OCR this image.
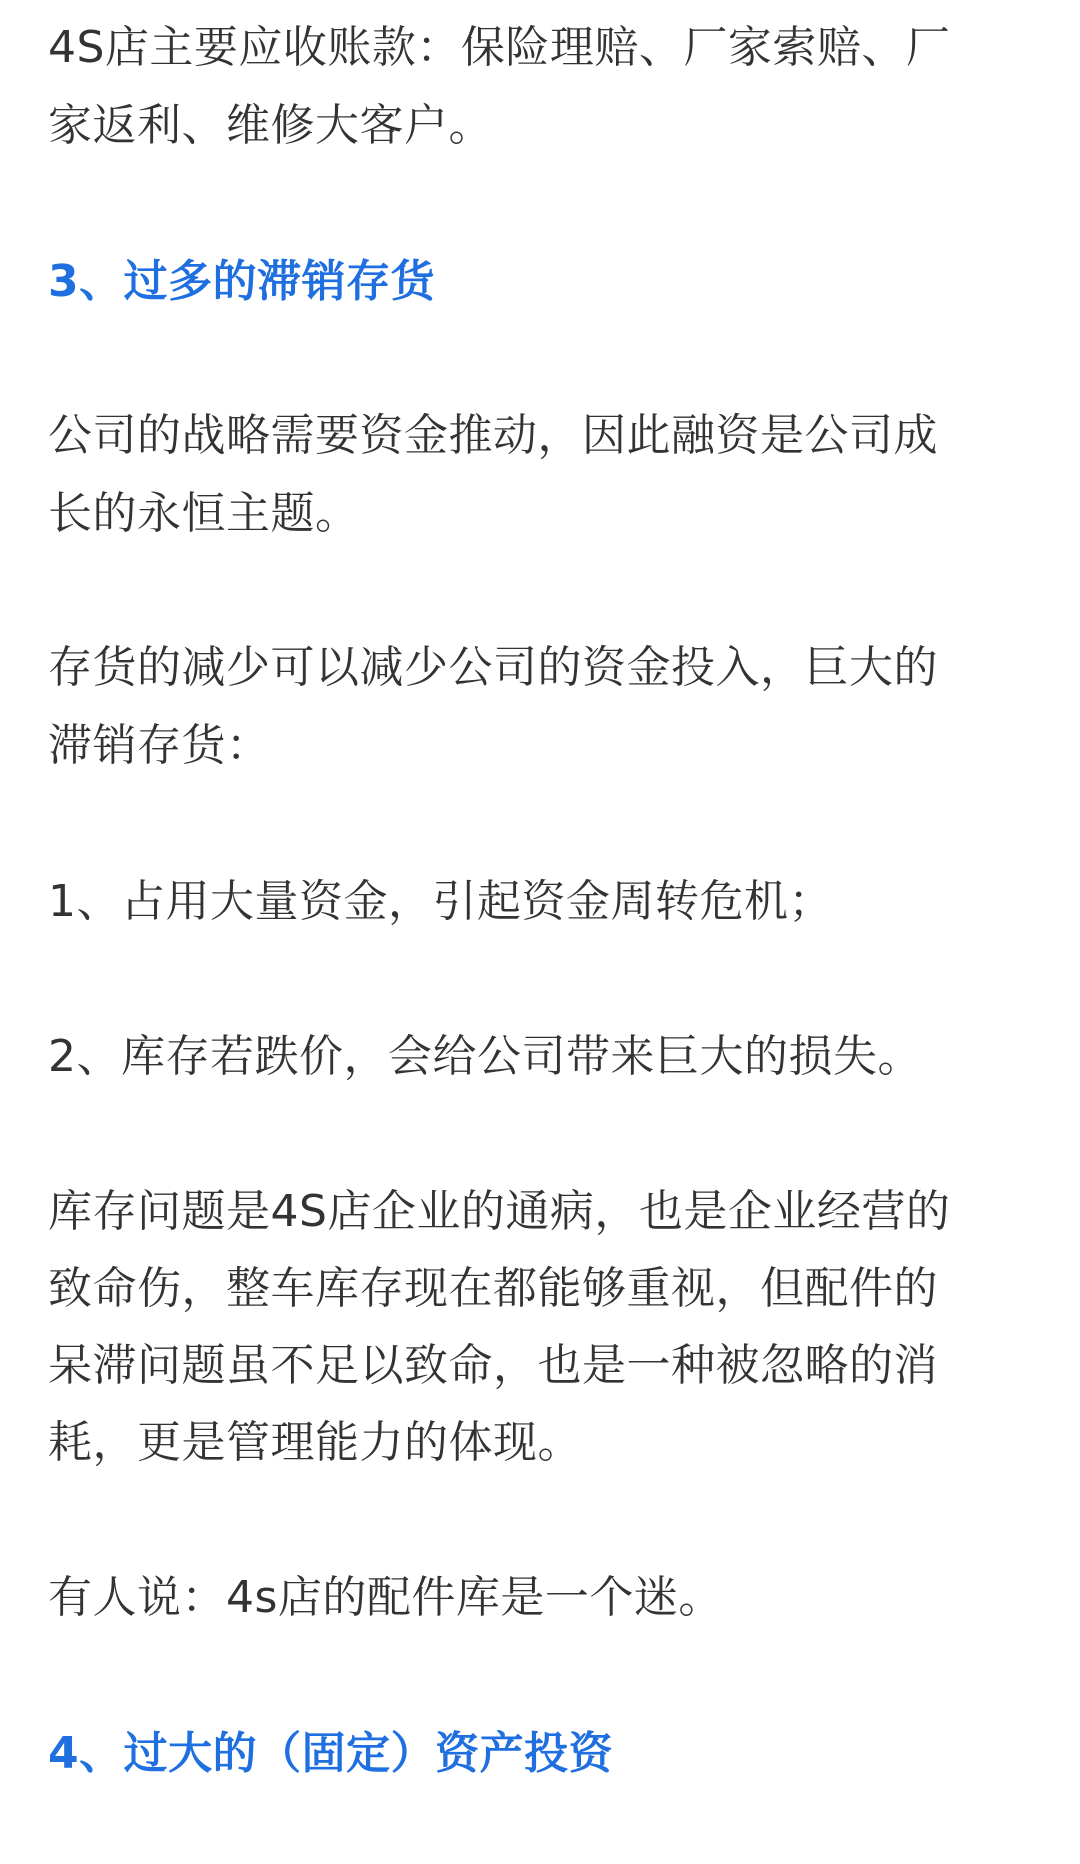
4S店主要应收账款：保险理赔、厂家索赔、厂
家返利、维修大客户。
3、过多的滞销存货
公司的战略需要资金推动，因此融资是公司成
长的永恒主题。
存货的减少可以减少公司的资金投入，巨大的
滞销存货：
1、占用大量资金，引起资金周转危机；
2、库存若跌价，会给公司带来巨大的损失。
库存问题是4S店企业的通病，也是企业经营的
致命伤，整车库存现在都能够重视，但配件的
呆滞问题虽不足以致命，也是一种被忽略的消
耗，更是管理能力的体现。
有人说：4s店的配件库是一个迷。
4、过大的（固定）资产投资
